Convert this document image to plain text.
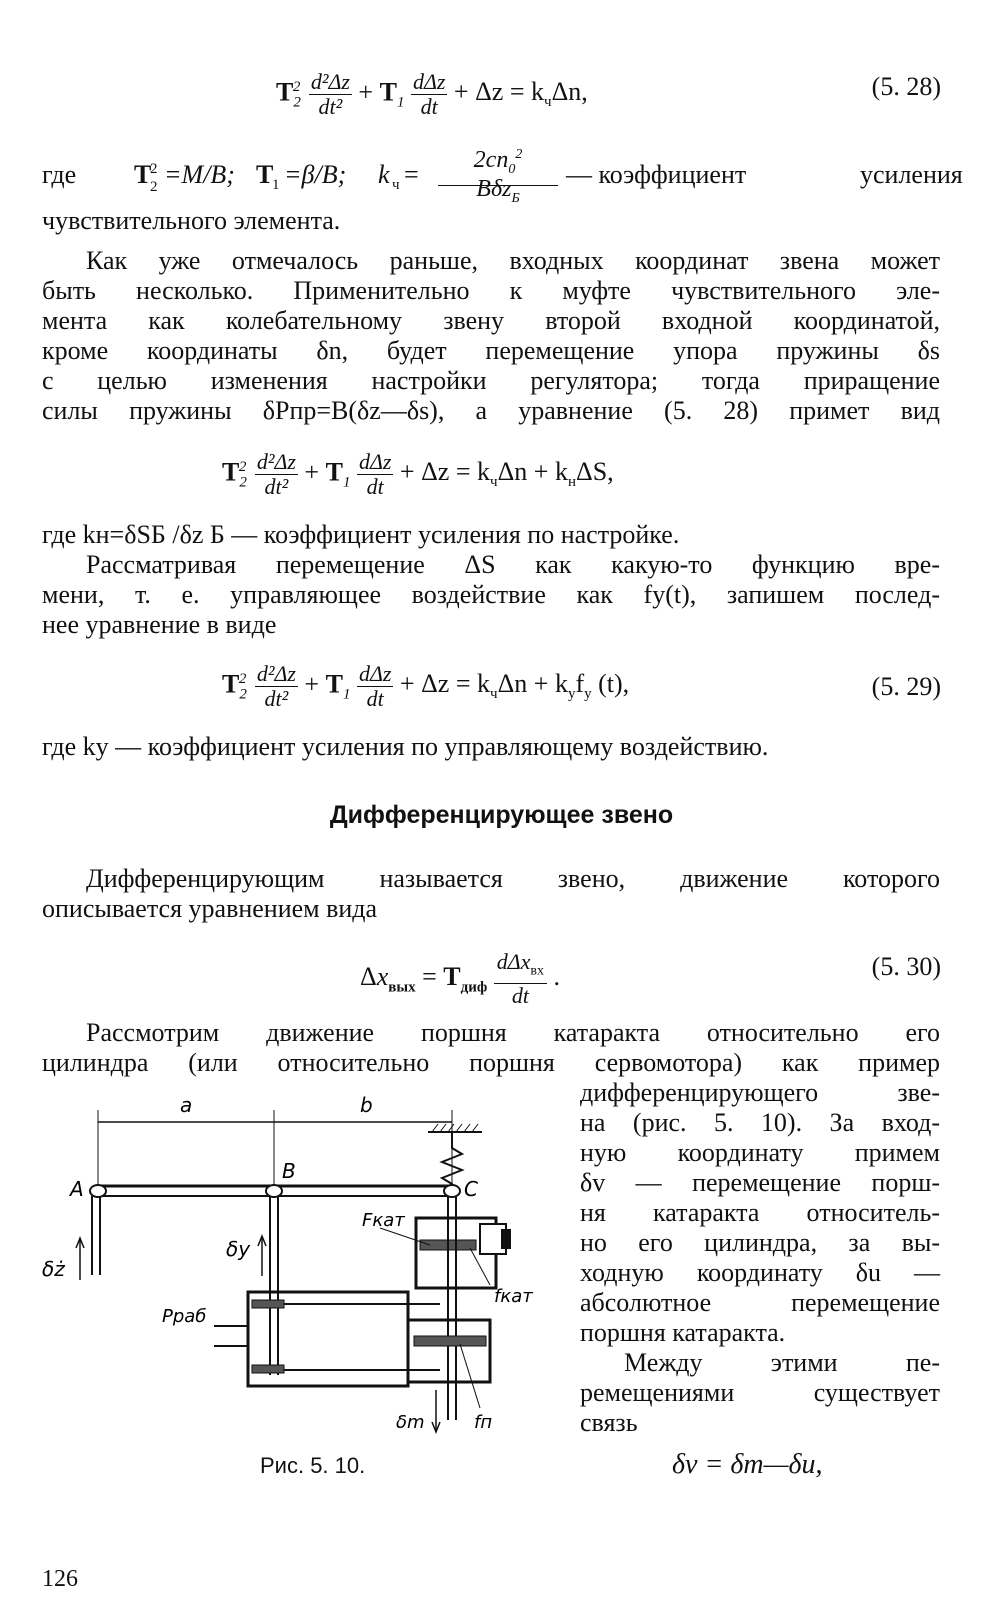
$T_2^2 \frac{\text{d²Δz}}{\text{dt²}} + T_1$
dΔz
dt
+ $\Delta z = k_ч\Delta n$,	(5. 28)
где T
2
2 =M/B; T
1 =β/B; k ч =	$2cn_0^2$
Bδz$_Б$
— коэффициент	усиления
чувствительного элемента.
Как уже отмечалось раньше, входных координат звена может
быть несколько. Применительно к муфте чувствительного эле-
мента как колебательному звену второй входной координатой,
кроме координаты δn, будет перемещение упора пружины δs
с целью изменения настройки регулятора; тогда приращение
силы пружины δPпр=B(δz—δs), а уравнение (5. 28) примет вид
$T_2^2 \frac{\text{d²Δz}}{\text{dt²}} + T_1$
dΔz
dt
+ $\Delta z = k_ч\Delta n + k_н\Delta S$,
где kн=δSБ /δz Б — коэффициент усиления по настройке.
Рассматривая перемещение ΔS как какую-то функцию вре-
мени, т. е. управляющее воздействие как fу(t), запишем послед-
нее уравнение в виде
$T_2^2 \frac{\text{d²Δz}}{\text{dt²}} + T_1$
dΔz
dt
+ $\Delta z = k_ч\Delta n + k_уf_у$ (t),	(5. 29)
где kу — коэффициент усиления по управляющему воздействию.
Дифференцирующее звено
Дифференцирующим называется звено, движение которого
описывается уравнением вида
$\Delta x_{вых} = T_{диф}$
dΔx$_{вх}$
dt
.	(5. 30)
Рассмотрим движение поршня катаракта относительно его
цилиндра (или относительно поршня сервомотора) как пример
дифференцирующего зве-
на (рис. 5. 10). За вход-
ную координату примем
δv — перемещение порш-
ня катаракта относитель-
но его цилиндра, за вы-
ходную координату δu —
абсолютное перемещение
поршня катаракта.
Между этими пе-
ремещениями существует
связь
a	b
A
B
C
δż
δy
Fкат
fкат
Pраб
δm	fп
Рис. 5. 10.	δv = δm—δu,
126
